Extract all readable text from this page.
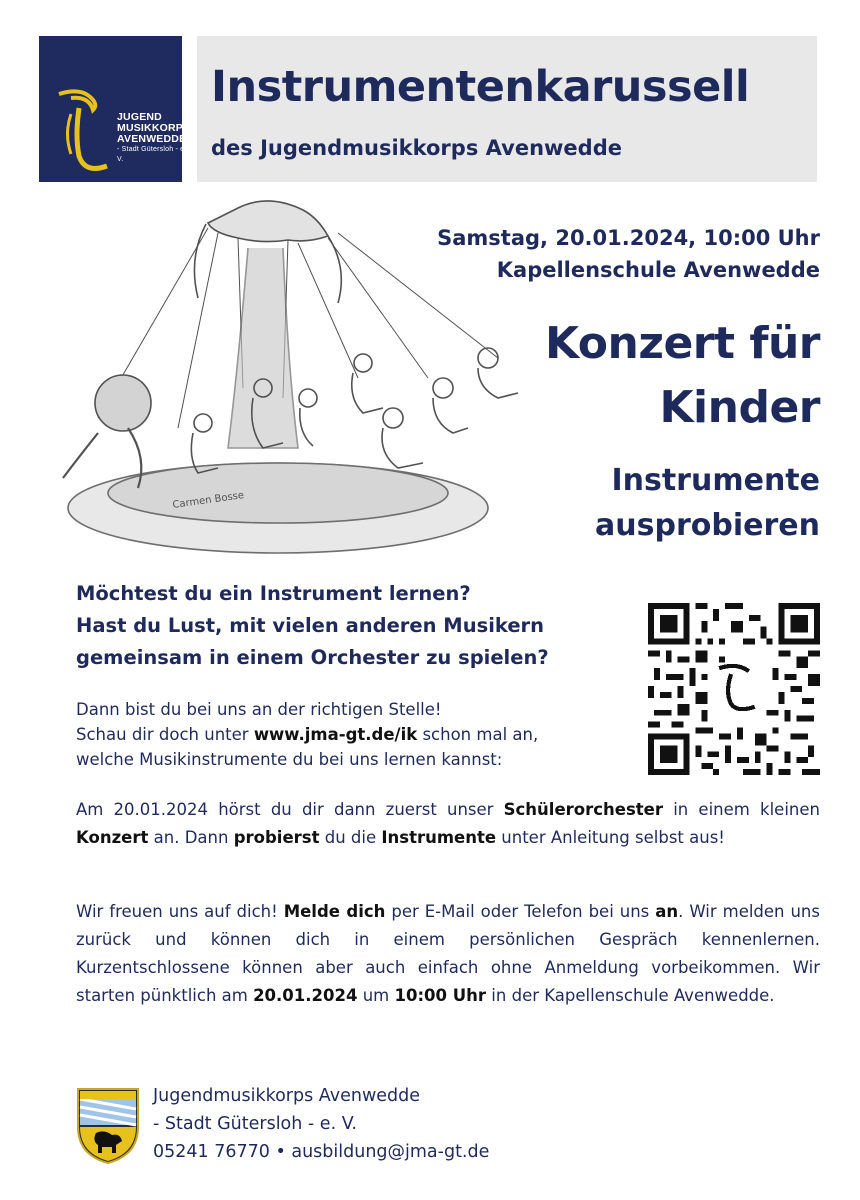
JUGEND
MUSIKKORPS
AVENWEDDE
- Stadt Gütersloh - e. V.
Instrumentenkarussell
des Jugendmusikkorps Avenwedde
Carmen Bosse
Samstag, 20.01.2024, 10:00 Uhr
Kapellenschule Avenwedde
Konzert für
Kinder
Instrumente
ausprobieren
Möchtest du ein Instrument lernen?
Hast du Lust, mit vielen anderen Musikern
gemeinsam in einem Orchester zu spielen?
Dann bist du bei uns an der richtigen Stelle!
Schau dir doch unter www.jma-gt.de/ik schon mal an,
welche Musikinstrumente du bei uns lernen kannst:
Am 20.01.2024 hörst du dir dann zuerst unser Schülerorchester in einem kleinen Konzert an. Dann probierst du die Instrumente unter Anleitung selbst aus!
Wir freuen uns auf dich! Melde dich per E-Mail oder Telefon bei uns an. Wir melden uns zurück und können dich in einem persönlichen Gespräch kennenlernen. Kurzentschlossene können aber auch einfach ohne Anmeldung vorbeikommen. Wir starten pünktlich am 20.01.2024 um 10:00 Uhr in der Kapellenschule Avenwedde.
Jugendmusikkorps Avenwedde
- Stadt Gütersloh - e. V.
05241 76770 • ausbildung@jma-gt.de
